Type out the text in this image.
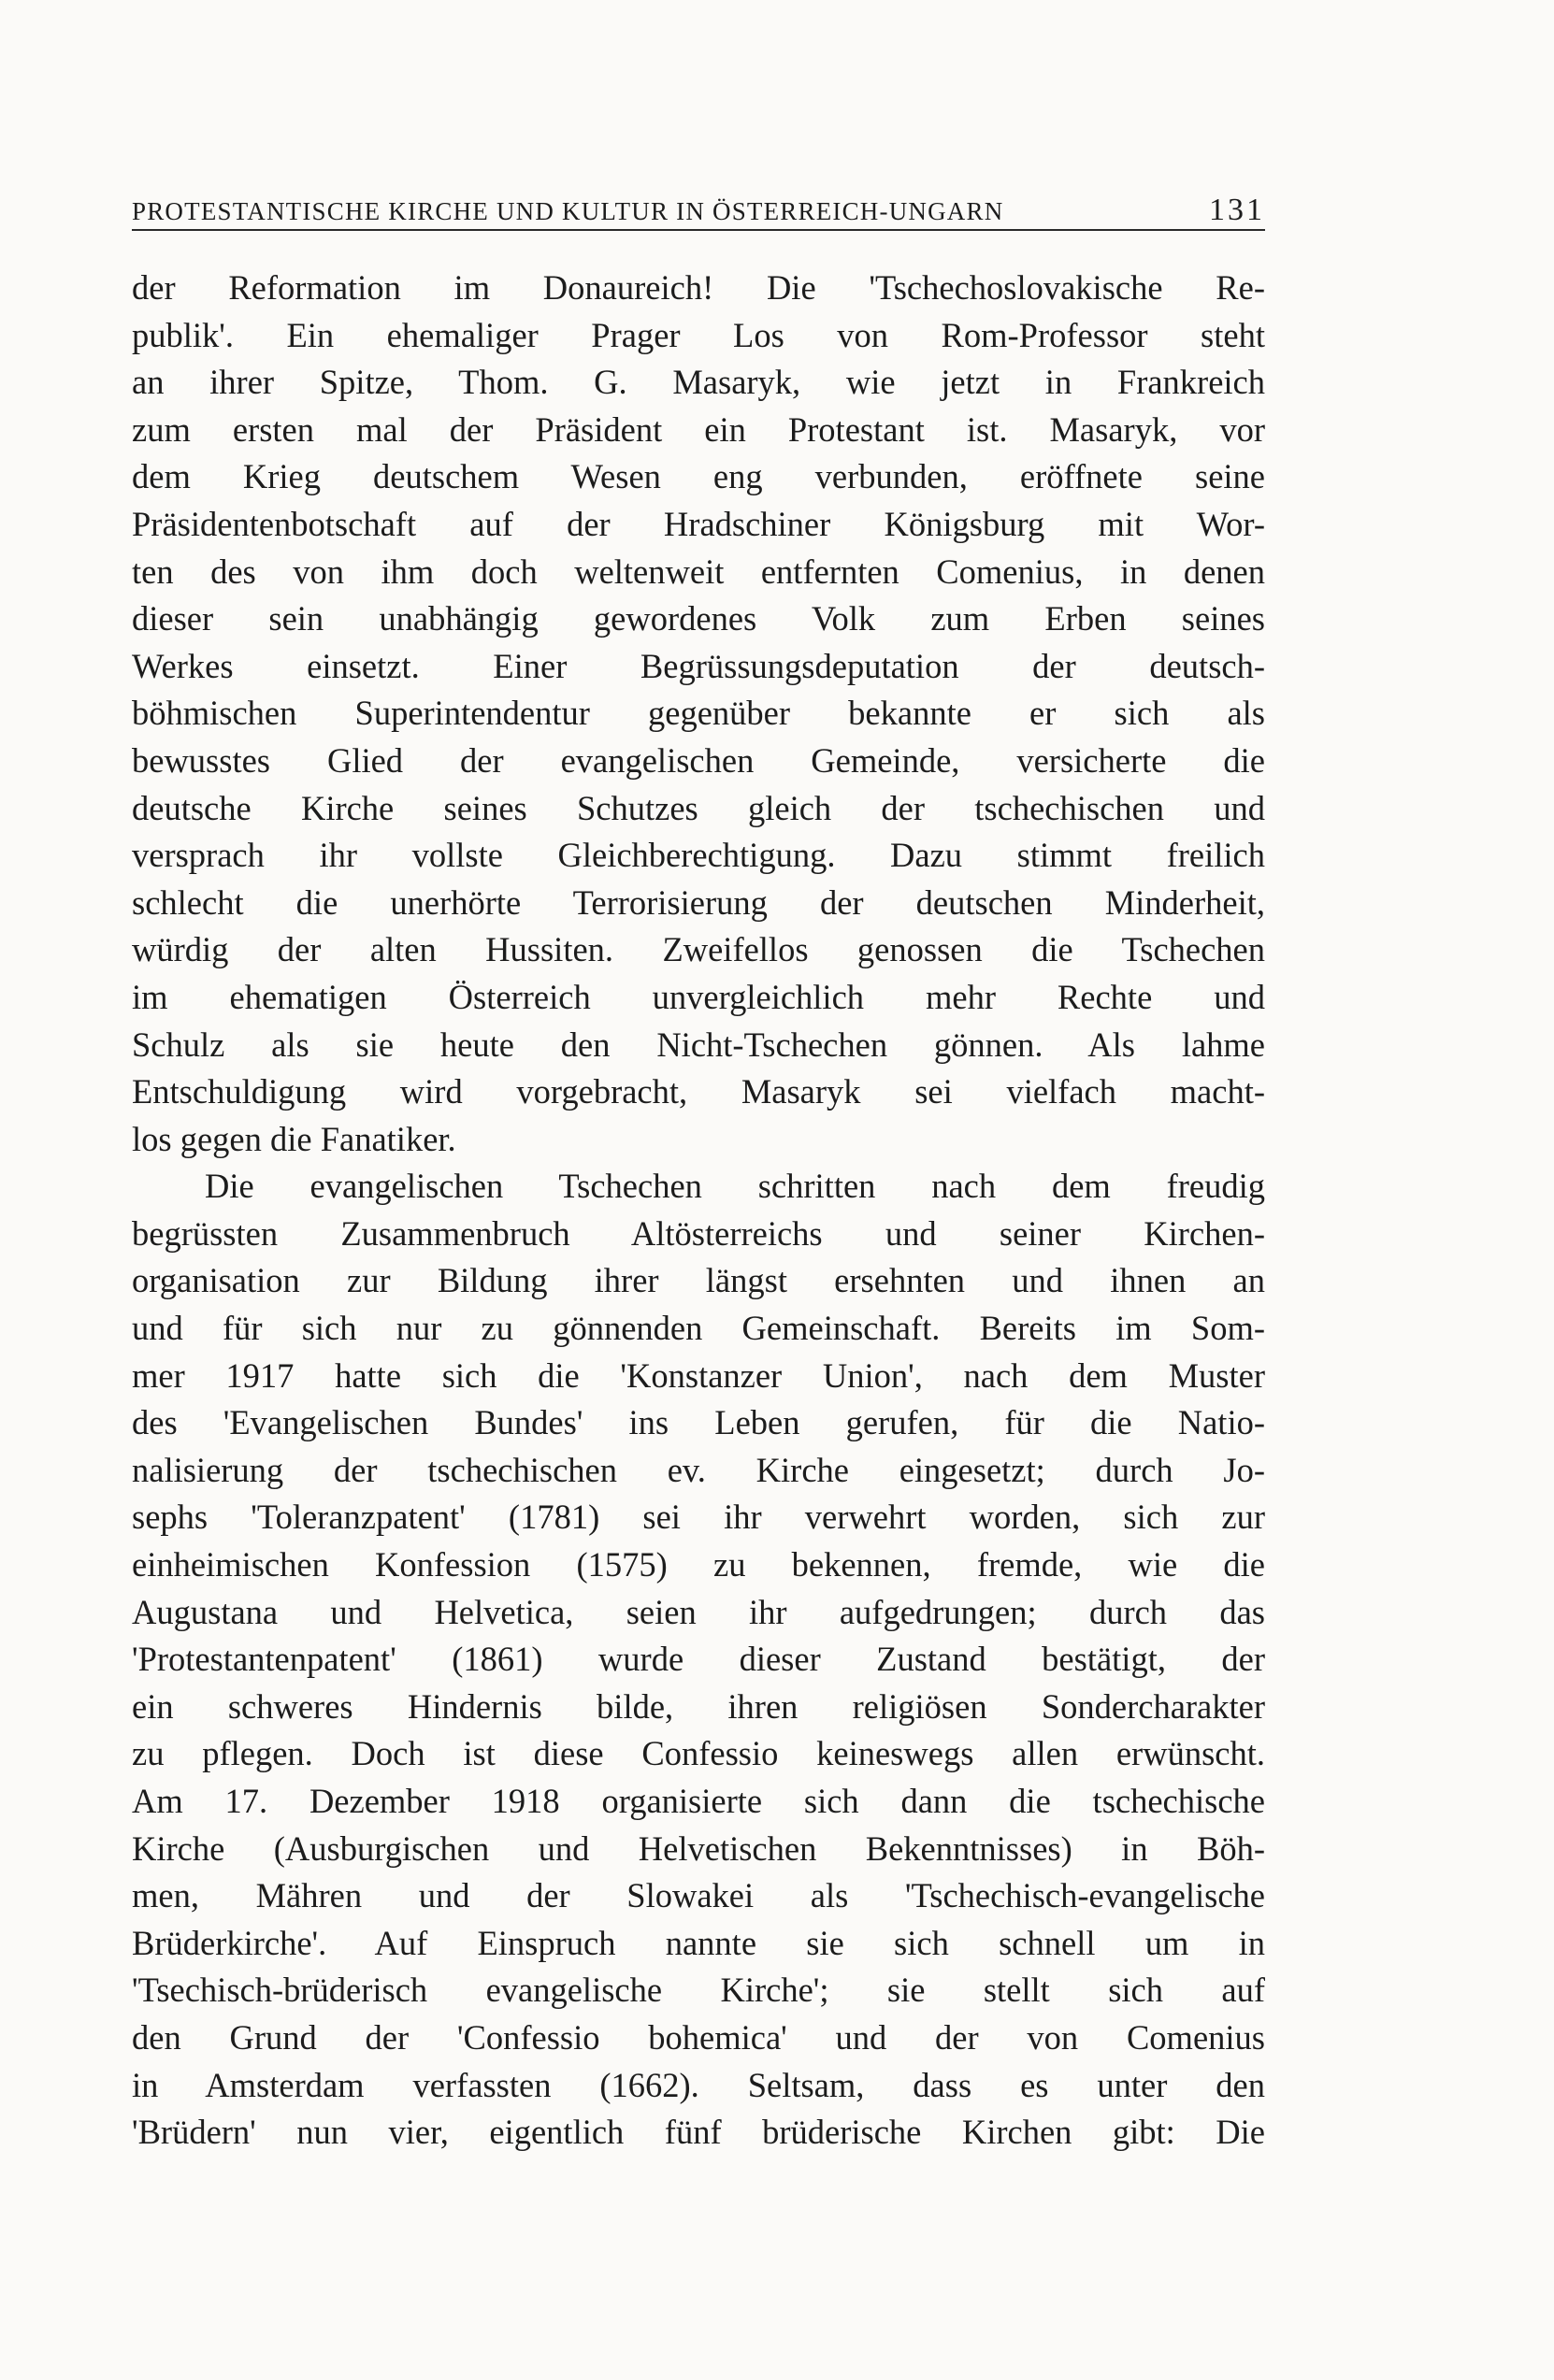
PROTESTANTISCHE KIRCHE UND KULTUR IN ÖSTERREICH-UNGARN	131
der Reformation im Donaureich! Die 'Tschechoslovakische Re-
publik'. Ein ehemaliger Prager Los von Rom-Professor steht
an ihrer Spitze, Thom. G. Masaryk, wie jetzt in Frankreich
zum ersten mal der Präsident ein Protestant ist. Masaryk, vor
dem Krieg deutschem Wesen eng verbunden, eröffnete seine
Präsidentenbotschaft auf der Hradschiner Königsburg mit Wor-
ten des von ihm doch weltenweit entfernten Comenius, in denen
dieser sein unabhängig gewordenes Volk zum Erben seines
Werkes einsetzt. Einer Begrüssungsdeputation der deutsch-
böhmischen Superintendentur gegenüber bekannte er sich als
bewusstes Glied der evangelischen Gemeinde, versicherte die
deutsche Kirche seines Schutzes gleich der tschechischen und
versprach ihr vollste Gleichberechtigung. Dazu stimmt freilich
schlecht die unerhörte Terrorisierung der deutschen Minderheit,
würdig der alten Hussiten. Zweifellos genossen die Tschechen
im ehematigen Österreich unvergleichlich mehr Rechte und
Schulz als sie heute den Nicht-Tschechen gönnen. Als lahme
Entschuldigung wird vorgebracht, Masaryk sei vielfach macht-
los gegen die Fanatiker.
Die evangelischen Tschechen schritten nach dem freudig
begrüssten Zusammenbruch Altösterreichs und seiner Kirchen-
organisation zur Bildung ihrer längst ersehnten und ihnen an
und für sich nur zu gönnenden Gemeinschaft. Bereits im Som-
mer 1917 hatte sich die 'Konstanzer Union', nach dem Muster
des 'Evangelischen Bundes' ins Leben gerufen, für die Natio-
nalisierung der tschechischen ev. Kirche eingesetzt; durch Jo-
sephs 'Toleranzpatent' (1781) sei ihr verwehrt worden, sich zur
einheimischen Konfession (1575) zu bekennen, fremde, wie die
Augustana und Helvetica, seien ihr aufgedrungen; durch das
'Protestantenpatent' (1861) wurde dieser Zustand bestätigt, der
ein schweres Hindernis bilde, ihren religiösen Sondercharakter
zu pflegen. Doch ist diese Confessio keineswegs allen erwünscht.
Am 17. Dezember 1918 organisierte sich dann die tschechische
Kirche (Ausburgischen und Helvetischen Bekenntnisses) in Böh-
men, Mähren und der Slowakei als 'Tschechisch-evangelische
Brüderkirche'. Auf Einspruch nannte sie sich schnell um in
'Tsechisch-brüderisch evangelische Kirche'; sie stellt sich auf
den Grund der 'Confessio bohemica' und der von Comenius
in Amsterdam verfassten (1662). Seltsam, dass es unter den
'Brüdern' nun vier, eigentlich fünf brüderische Kirchen gibt: Die
